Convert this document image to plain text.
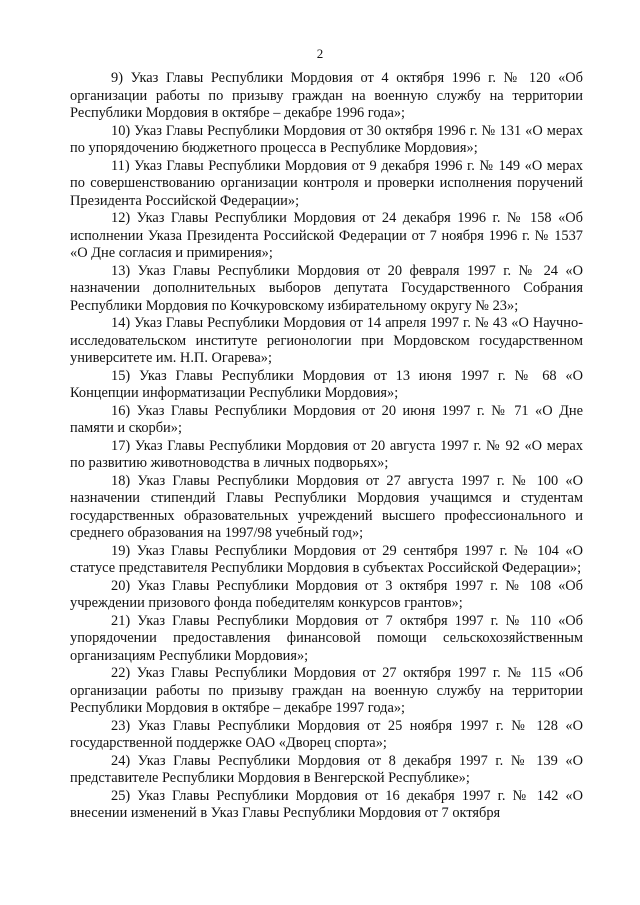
2

9) Указ Главы Республики Мордовия от 4 октября 1996 г. № 120 «Об организации работы по призыву граждан на военную службу на территории Республики Мордовия в октябре – декабре 1996 года»;

10) Указ Главы Республики Мордовия от 30 октября 1996 г. № 131 «О мерах по упорядочению бюджетного процесса в Республике Мордовия»;

11) Указ Главы Республики Мордовия от 9 декабря 1996 г. № 149 «О мерах по совершенствованию организации контроля и проверки исполнения поручений Президента Российской Федерации»;

12) Указ Главы Республики Мордовия от 24 декабря 1996 г. № 158 «Об исполнении Указа Президента Российской Федерации от 7 ноября 1996 г. № 1537 «О Дне согласия и примирения»;

13) Указ Главы Республики Мордовия от 20 февраля 1997 г. № 24 «О назначении дополнительных выборов депутата Государственного Собрания Республики Мордовия по Кочкуровскому избирательному округу № 23»;

14) Указ Главы Республики Мордовия от 14 апреля 1997 г. № 43 «О Научно-исследовательском институте регионологии при Мордовском государственном университете им. Н.П. Огарева»;

15) Указ Главы Республики Мордовия от 13 июня 1997 г. № 68 «О Концепции информатизации Республики Мордовия»;

16) Указ Главы Республики Мордовия от 20 июня 1997 г. № 71 «О Дне памяти и скорби»;

17) Указ Главы Республики Мордовия от 20 августа 1997 г. № 92 «О мерах по развитию животноводства в личных подворьях»;

18) Указ Главы Республики Мордовия от 27 августа 1997 г. № 100 «О назначении стипендий Главы Республики Мордовия учащимся и студентам государственных образовательных учреждений высшего профессионального и среднего образования на 1997/98 учебный год»;

19) Указ Главы Республики Мордовия от 29 сентября 1997 г. № 104 «О статусе представителя Республики Мордовия в субъектах Российской Федерации»;

20) Указ Главы Республики Мордовия от 3 октября 1997 г. № 108 «Об учреждении призового фонда победителям конкурсов грантов»;

21) Указ Главы Республики Мордовия от 7 октября 1997 г. № 110 «Об упорядочении предоставления финансовой помощи сельскохозяйственным организациям Республики Мордовия»;

22) Указ Главы Республики Мордовия от 27 октября 1997 г. № 115 «Об организации работы по призыву граждан на военную службу на территории Республики Мордовия в октябре – декабре 1997 года»;

23) Указ Главы Республики Мордовия от 25 ноября 1997 г. № 128 «О государственной поддержке ОАО «Дворец спорта»;

24) Указ Главы Республики Мордовия от 8 декабря 1997 г. № 139 «О представителе Республики Мордовия в Венгерской Республике»;

25) Указ Главы Республики Мордовия от 16 декабря 1997 г. № 142 «О внесении изменений в Указ Главы Республики Мордовия от 7 октября
